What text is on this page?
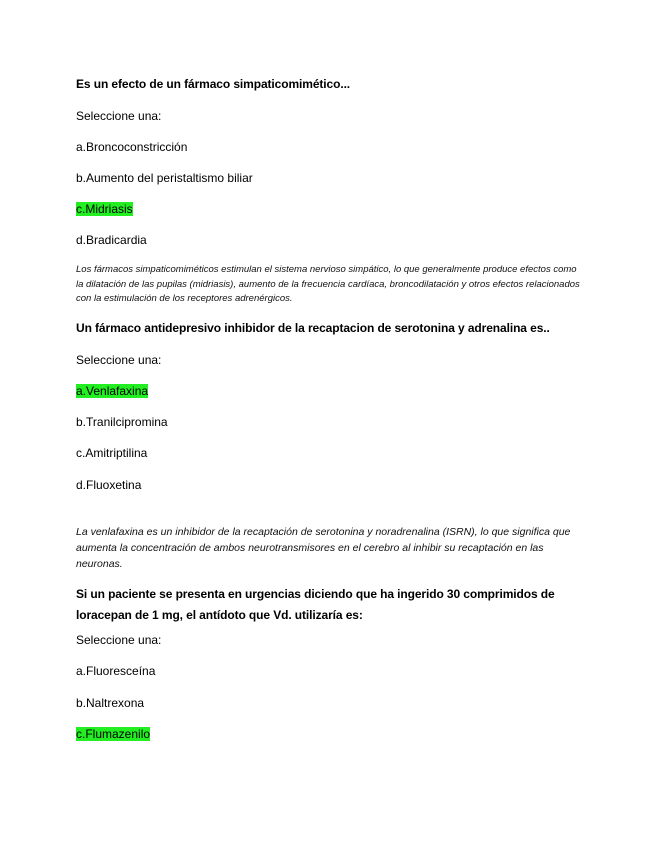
Es un efecto de un fármaco simpaticomimético...
Seleccione una:
a.Broncoconstricción
b.Aumento del peristaltismo biliar
c.Midriasis
d.Bradicardia
Los fármacos simpaticomiméticos estimulan el sistema nervioso simpático, lo que generalmente produce efectos como la dilatación de las pupilas (midriasis), aumento de la frecuencia cardíaca, broncodilatación y otros efectos relacionados con la estimulación de los receptores adrenérgicos.
Un fármaco antidepresivo inhibidor de la recaptacion de serotonina y adrenalina es..
Seleccione una:
a.Venlafaxina
b.Tranilcipromina
c.Amitriptilina
d.Fluoxetina
La venlafaxina es un inhibidor de la recaptación de serotonina y noradrenalina (ISRN), lo que significa que aumenta la concentración de ambos neurotransmisores en el cerebro al inhibir su recaptación en las neuronas.
Si un paciente se presenta en urgencias diciendo que ha ingerido 30 comprimidos de loracepan de 1 mg, el antídoto que Vd. utilizaría es:
Seleccione una:
a.Fluoresceína
b.Naltrexona
c.Flumazenilo
